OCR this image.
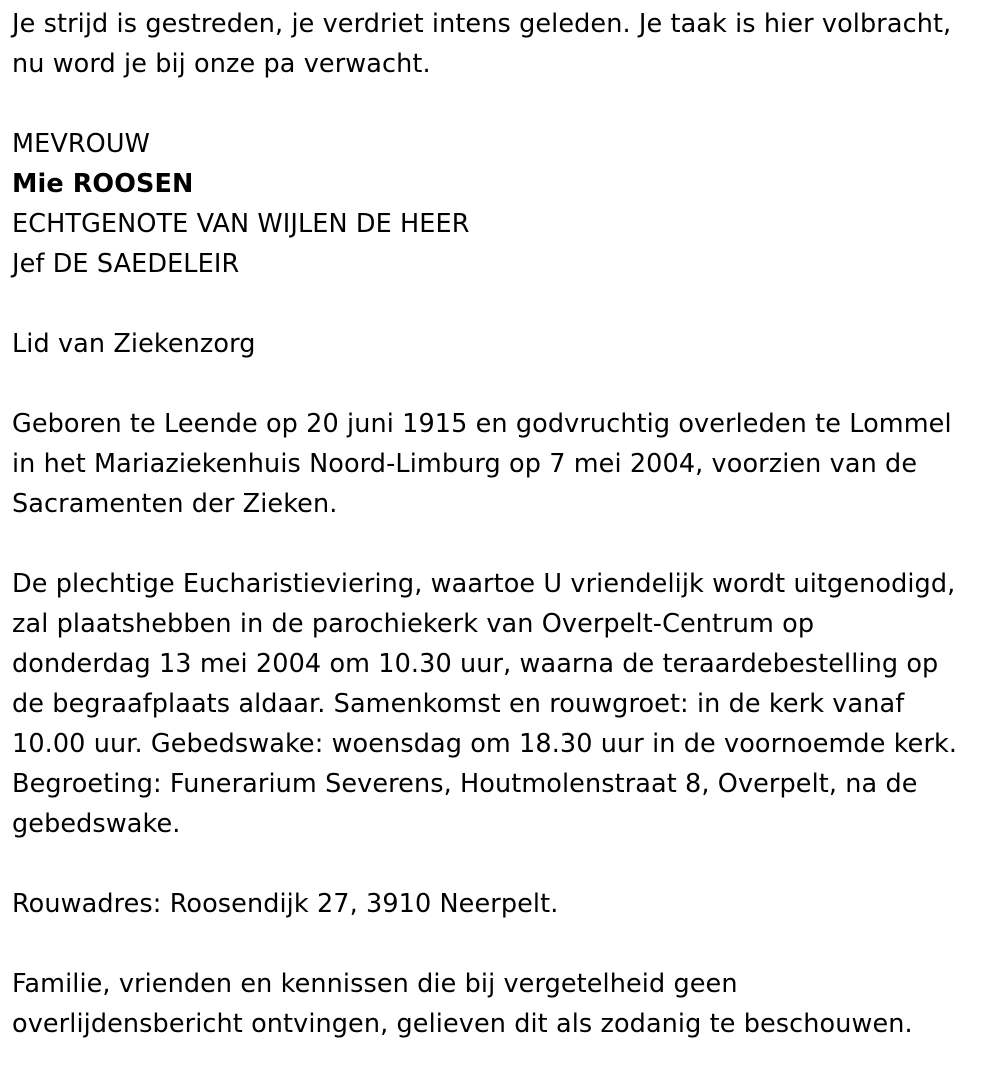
Je strijd is gestreden, je verdriet intens geleden. Je taak is hier volbracht,
nu word je bij onze pa verwacht.
MEVROUW
Mie ROOSEN
ECHTGENOTE VAN WIJLEN DE HEER
Jef DE SAEDELEIR
Lid van Ziekenzorg
Geboren te Leende op 20 juni 1915 en godvruchtig overleden te Lommel
in het Mariaziekenhuis Noord-Limburg op 7 mei 2004, voorzien van de
Sacramenten der Zieken.
De plechtige Eucharistieviering, waartoe U vriendelijk wordt uitgenodigd,
zal plaatshebben in de parochiekerk van Overpelt-Centrum op
donderdag 13 mei 2004 om 10.30 uur, waarna de teraardebestelling op
de begraafplaats aldaar. Samenkomst en rouwgroet: in de kerk vanaf
10.00 uur. Gebedswake: woensdag om 18.30 uur in de voornoemde kerk.
Begroeting: Funerarium Severens, Houtmolenstraat 8, Overpelt, na de
gebedswake.
Rouwadres: Roosendijk 27, 3910 Neerpelt.
Familie, vrienden en kennissen die bij vergetelheid geen
overlijdensbericht ontvingen, gelieven dit als zodanig te beschouwen.
